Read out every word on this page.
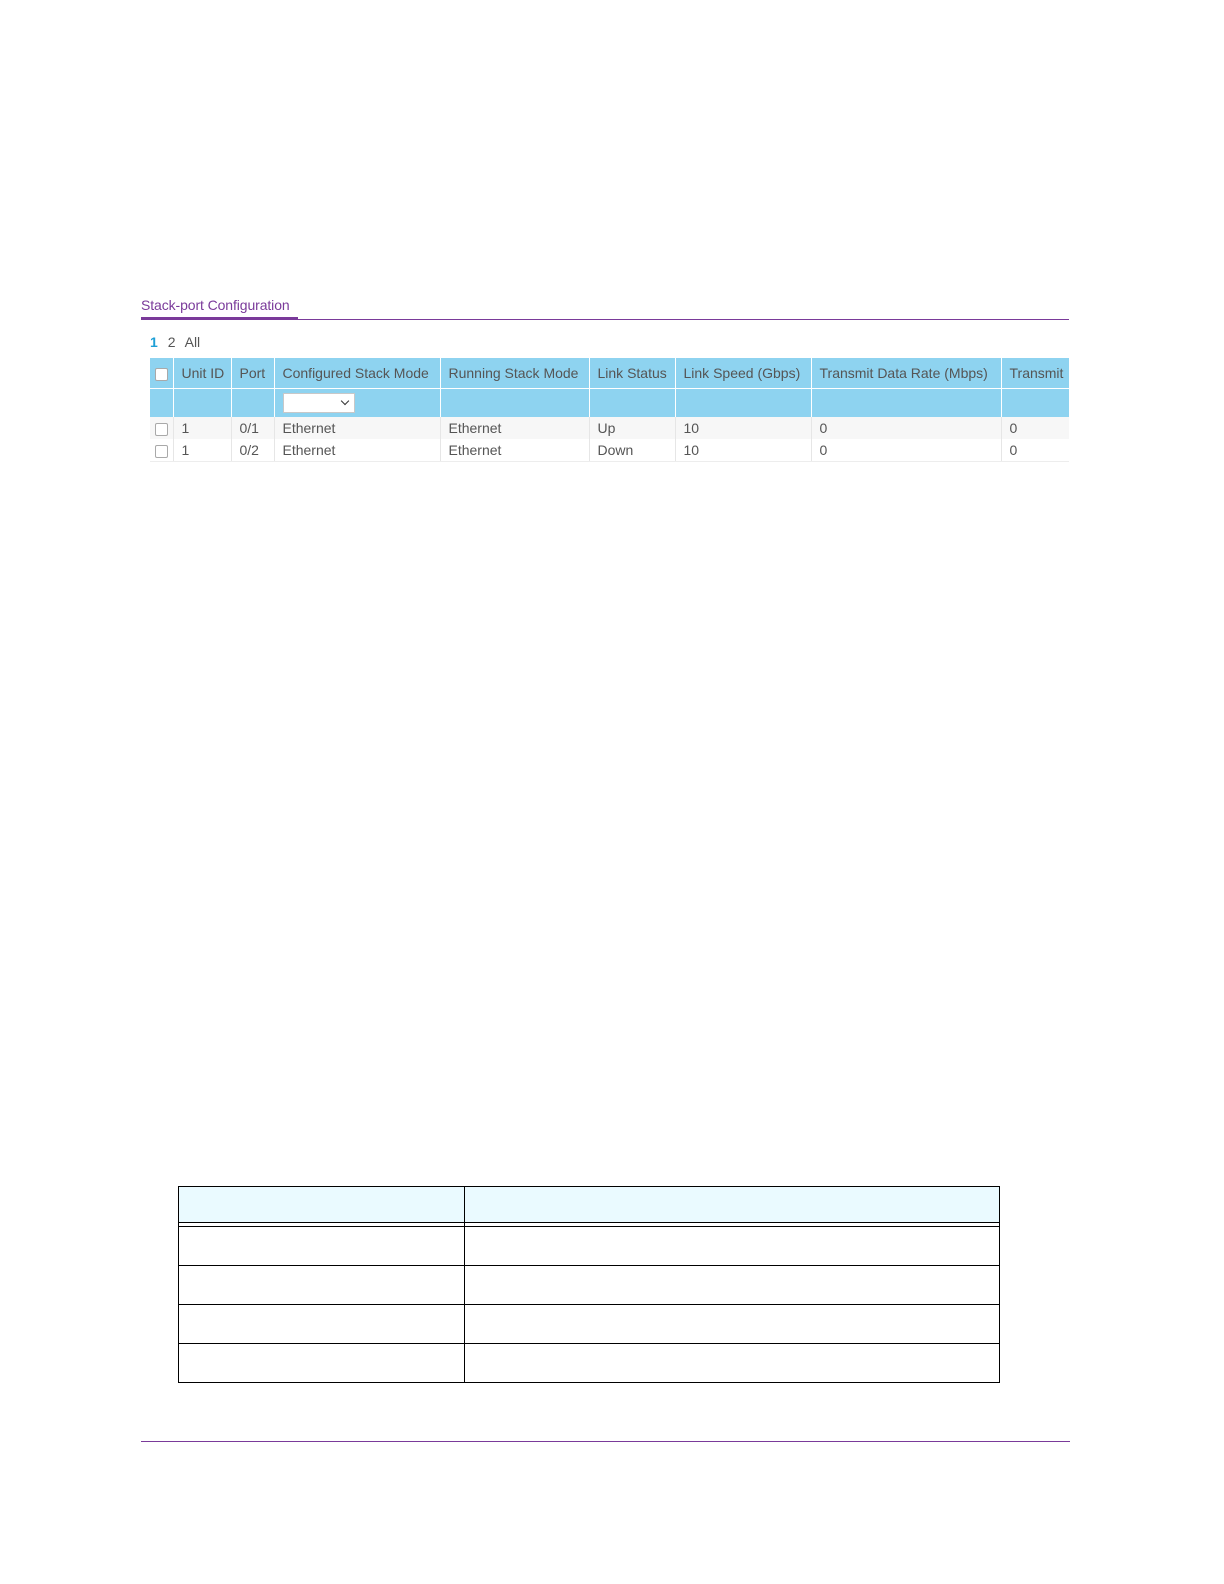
Stack-port Configuration
1 2 All
	Unit ID	Port	Configured Stack Mode	Running Stack Mode	Link Status	Link Speed (Gbps)	Transmit Data Rate (Mbps)	Transmit

	1	0/1	Ethernet	Ethernet	Up	10	0	0
	1	0/2	Ethernet	Ethernet	Down	10	0	0
